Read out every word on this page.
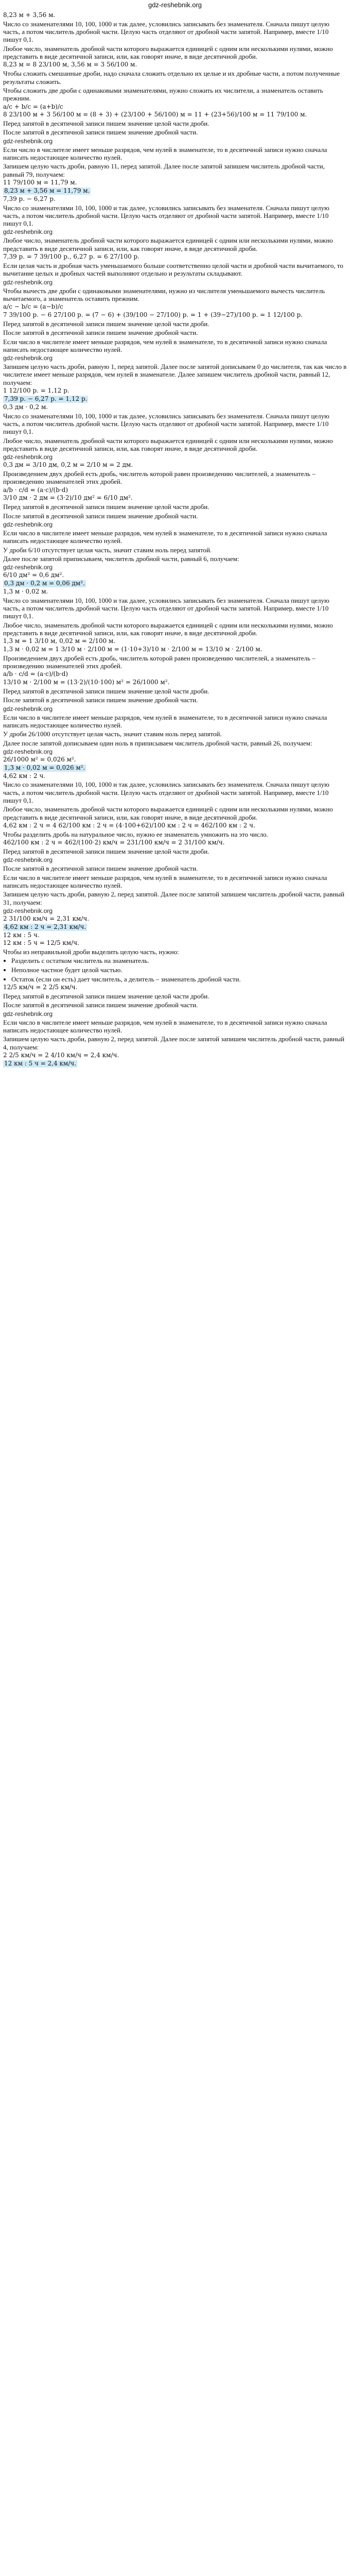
gdz-reshebnik.org
8,23 м + 3,56 м.
Число со знаменателями 10, 100, 1000 и так далее, условились записывать без знаменателя. Сначала пишут целую часть, а потом числитель дробной части. Целую часть отделяют от дробной части запятой. Например, вместе 1/10 пишут 0,1.
Любое число, знаменатель дробной части которого выражается единицей с одним или несколькими нулями, можно представить в виде десятичной записи, или, как говорят иначе, в виде десятичной дроби.
8,23 м = 8 23/100 м, 3,56 м = 3 56/100 м.
Чтобы сложить смешанные дроби, надо сначала сложить отдельно их целые и их дробные части, а потом полученные результаты сложить.
Чтобы сложить две дроби с одинаковыми знаменателями, нужно сложить их числители, а знаменатель оставить прежним.
a/c + b/c = (a+b)/c
8 23/100 м + 3 56/100 м = (8 + 3) + (23/100 + 56/100) м = 11 + (23+56)/100 м = 11 79/100 м.
Перед запятой в десятичной записи пишем значение целой части дроби.
После запятой в десятичной записи пишем значение дробной части.
gdz-reshebnik.org
Если число в числителе имеет меньше разрядов, чем нулей в знаменателе, то в десятичной записи нужно сначала написать недостающее количество нулей.
Запишем целую часть дроби, равную 11, перед запятой. Далее после запятой запишем числитель дробной части, равный 79, получаем:
11 79/100 м = 11,79 м.
8,23 м + 3,56 м = 11,79 м.
7,39 р. − 6,27 р.
Число со знаменателями 10, 100, 1000 и так далее, условились записывать без знаменателя. Сначала пишут целую часть, а потом числитель дробной части. Целую часть отделяют от дробной части запятой. Например, вместе 1/10 пишут 0,1.
gdz-reshebnik.org
Любое число, знаменатель дробной части которого выражается единицей с одним или несколькими нулями, можно представить в виде десятичной записи, или, как говорят иначе, в виде десятичной дроби.
7,39 р. = 7 39/100 р., 6,27 р. = 6 27/100 р.
Если целая часть и дробная часть уменьшаемого больше соответственно целой части и дробной части вычитаемого, то вычитание целых и дробных частей выполняют отдельно и результаты складывают.
gdz-reshebnik.org
Чтобы вычесть две дроби с одинаковыми знаменателями, нужно из числителя уменьшаемого вычесть числитель вычитаемого, а знаменатель оставить прежним.
a/c − b/c = (a−b)/c
7 39/100 р. − 6 27/100 р. = (7 − 6) + (39/100 − 27/100) р. = 1 + (39−27)/100 р. = 1 12/100 р.
Перед запятой в десятичной записи пишем значение целой части дроби.
После запятой в десятичной записи пишем значение дробной части.
Если число в числителе имеет меньше разрядов, чем нулей в знаменателе, то в десятичной записи нужно сначала написать недостающее количество нулей.
gdz-reshebnik.org
Запишем целую часть дроби, равную 1, перед запятой. Далее после запятой дописываем 0 до числителя, так как число в числителе имеет меньше разрядов, чем нулей в знаменателе. Далее запишем числитель дробной части, равный 12, получаем:
1 12/100 р. = 1,12 р.
7,39 р. − 6,27 р. = 1,12 р.
0,3 дм · 0,2 м.
Число со знаменателями 10, 100, 1000 и так далее, условились записывать без знаменателя. Сначала пишут целую часть, а потом числитель дробной части. Целую часть отделяют от дробной части запятой. Например, вместе 1/10 пишут 0,1.
Любое число, знаменатель дробной части которого выражается единицей с одним или несколькими нулями, можно представить в виде десятичной записи, или, как говорят иначе, в виде десятичной дроби.
gdz-reshebnik.org
0,3 дм = 3/10 дм, 0,2 м = 2/10 м = 2 дм.
Произведением двух дробей есть дробь, числитель которой равен произведению числителей, а знаменатель – произведению знаменателей этих дробей.
a/b · c/d = (a·c)/(b·d)
3/10 дм · 2 дм = (3·2)/10 дм² = 6/10 дм².
Перед запятой в десятичной записи пишем значение целой части дроби.
После запятой в десятичной записи пишем значение дробной части.
gdz-reshebnik.org
Если число в числителе имеет меньше разрядов, чем нулей в знаменателе, то в десятичной записи нужно сначала написать недостающее количество нулей.
У дроби 6/10 отсутствует целая часть, значит ставим ноль перед запятой.
Далее после запятой приписываем, числитель дробной части, равный 6, получаем:
gdz-reshebnik.org
6/10 дм² = 0,6 дм².
0,3 дм · 0,2 м = 0,06 дм².
1,3 м · 0,02 м.
Число со знаменателями 10, 100, 1000 и так далее, условились записывать без знаменателя. Сначала пишут целую часть, а потом числитель дробной части. Целую часть отделяют от дробной части запятой. Например, вместе 1/10 пишут 0,1.
Любое число, знаменатель дробной части которого выражается единицей с одним или несколькими нулями, можно представить в виде десятичной записи, или, как говорят иначе, в виде десятичной дроби.
1,3 м = 1 3/10 м, 0,02 м = 2/100 м.
1,3 м · 0,02 м = 1 3/10 м · 2/100 м = (1·10+3)/10 м · 2/100 м = 13/10 м · 2/100 м.
Произведением двух дробей есть дробь, числитель которой равен произведению числителей, а знаменатель – произведению знаменателей этих дробей.
a/b · c/d = (a·c)/(b·d)
13/10 м · 2/100 м = (13·2)/(10·100) м² = 26/1000 м².
Перед запятой в десятичной записи пишем значение целой части дроби.
После запятой в десятичной записи пишем значение дробной части.
gdz-reshebnik.org
Если число в числителе имеет меньше разрядов, чем нулей в знаменателе, то в десятичной записи нужно сначала написать недостающее количество нулей.
У дроби 26/1000 отсутствует целая часть, значит ставим ноль перед запятой.
Далее после запятой дописываем один ноль в приписываем числитель дробной части, равный 26, получаем:
gdz-reshebnik.org
26/1000 м² = 0,026 м².
1,3 м · 0,02 м = 0,026 м².
4,62 км : 2 ч.
Число со знаменателями 10, 100, 1000 и так далее, условились записывать без знаменателя. Сначала пишут целую часть, а потом числитель дробной части. Целую часть отделяют от дробной части запятой. Например, вместе 1/10 пишут 0,1.
Любое число, знаменатель дробной части которого выражается единицей с одним или несколькими нулями, можно представить в виде десятичной записи, или, как говорят иначе, в виде десятичной дроби.
4,62 км : 2 ч = 4 62/100 км : 2 ч = (4·100+62)/100 км : 2 ч = 462/100 км : 2 ч.
Чтобы разделить дробь на натуральное число, нужно ее знаменатель умножить на это число.
462/100 км : 2 ч = 462/(100·2) км/ч = 231/100 км/ч = 2 31/100 км/ч.
Перед запятой в десятичной записи пишем значение целой части дроби.
gdz-reshebnik.org
После запятой в десятичной записи пишем значение дробной части.
Если число в числителе имеет меньше разрядов, чем нулей в знаменателе, то в десятичной записи нужно сначала написать недостающее количество нулей.
Запишем целую часть дроби, равную 2, перед запятой. Далее после запятой запишем числитель дробной части, равный 31, получаем:
gdz-reshebnik.org
2 31/100 км/ч = 2,31 км/ч.
4,62 км : 2 ч = 2,31 км/ч.
12 км : 5 ч.
12 км : 5 ч = 12/5 км/ч.
Чтобы из неправильной дроби выделить целую часть, нужно:
• Разделить с остатком числитель на знаменатель.
• Неполное частное будет целой частью.
• Остаток (если он есть) дает числитель, а делитель – знаменатель дробной части.
12/5 км/ч = 2 2/5 км/ч.
Перед запятой в десятичной записи пишем значение целой части дроби.
После запятой в десятичной записи пишем значение дробной части.
gdz-reshebnik.org
Если число в числителе имеет меньше разрядов, чем нулей в знаменателе, то в десятичной записи нужно сначала написать недостающее количество нулей.
Запишем целую часть дроби, равную 2, перед запятой. Далее после запятой запишем числитель дробной части, равный 4, получаем:
2 2/5 км/ч = 2 4/10 км/ч = 2,4 км/ч.
12 км : 5 ч = 2,4 км/ч.
